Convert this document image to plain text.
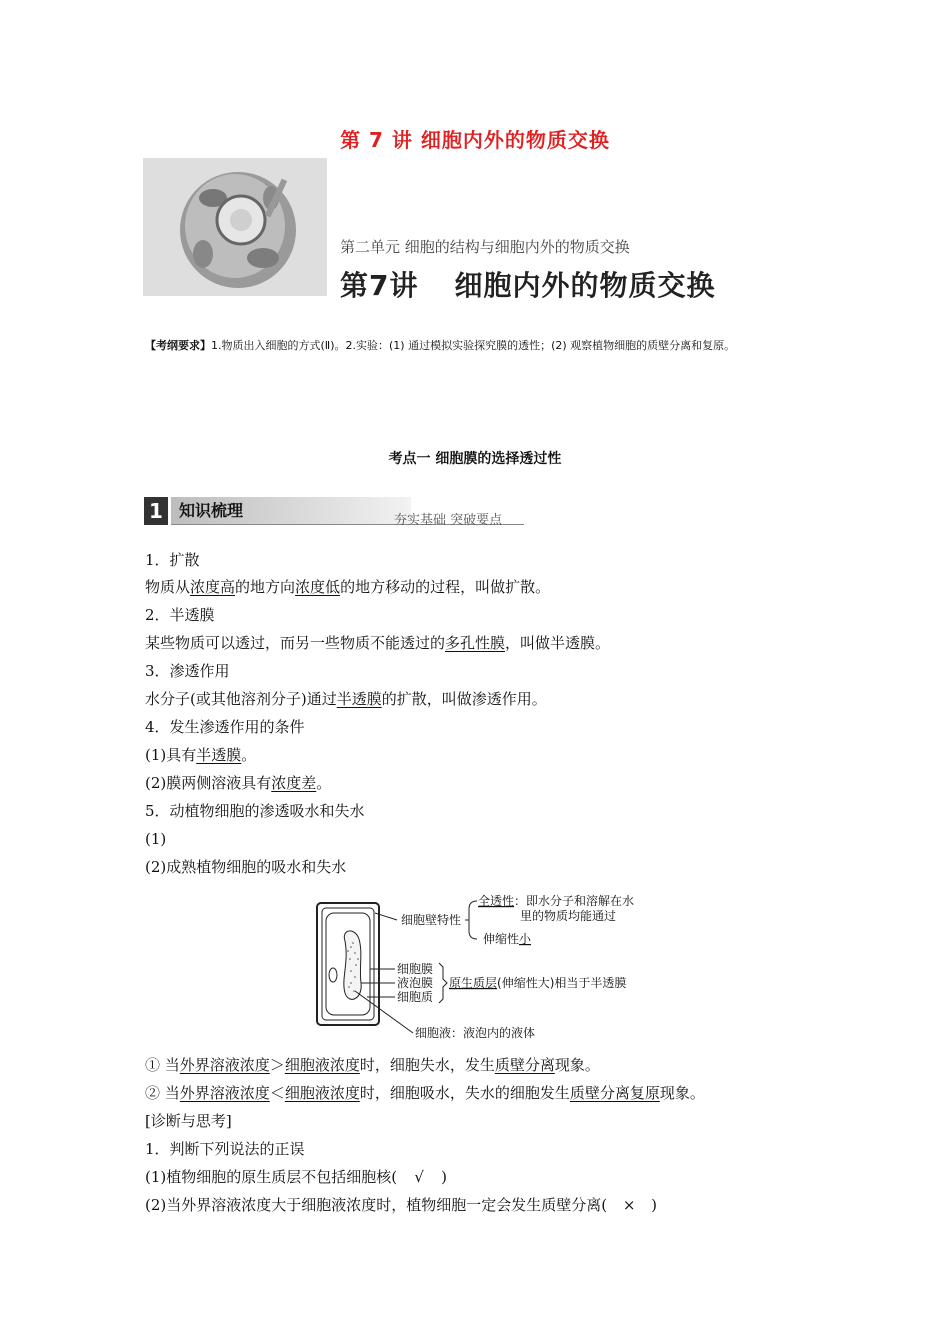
第 7 讲 细胞内外的物质交换
第二单元 细胞的结构与细胞内外的物质交换
第7讲 细胞内外的物质交换
【考纲要求】1.物质出入细胞的方式(Ⅱ)。2.实验：(1) 通过模拟实验探究膜的透性；(2) 观察植物细胞的质壁分离和复原。
考点一 细胞膜的选择透过性
1	知识梳理
夯实基础 突破要点
1．扩散
物质从浓度高的地方向浓度低的地方移动的过程，叫做扩散。
2．半透膜
某些物质可以透过，而另一些物质不能透过的多孔性膜，叫做半透膜。
3．渗透作用
水分子(或其他溶剂分子)通过半透膜的扩散，叫做渗透作用。
4．发生渗透作用的条件
(1)具有半透膜。
(2)膜两侧溶液具有浓度差。
5．动植物细胞的渗透吸水和失水
(1)
(2)成熟植物细胞的吸水和失水
细胞壁特性
全透性：即水分子和溶解在水
里的物质均能通过
伸缩性小
细胞膜
液泡膜
细胞质
原生质层(伸缩性大)相当于半透膜
细胞液：液泡内的液体
① 当外界溶液浓度＞细胞液浓度时，细胞失水，发生质壁分离现象。
② 当外界溶液浓度＜细胞液浓度时，细胞吸水，失水的细胞发生质壁分离复原现象。
[诊断与思考]
1．判断下列说法的正误
(1)植物细胞的原生质层不包括细胞核( √ )
(2)当外界溶液浓度大于细胞液浓度时，植物细胞一定会发生质壁分离( × )
